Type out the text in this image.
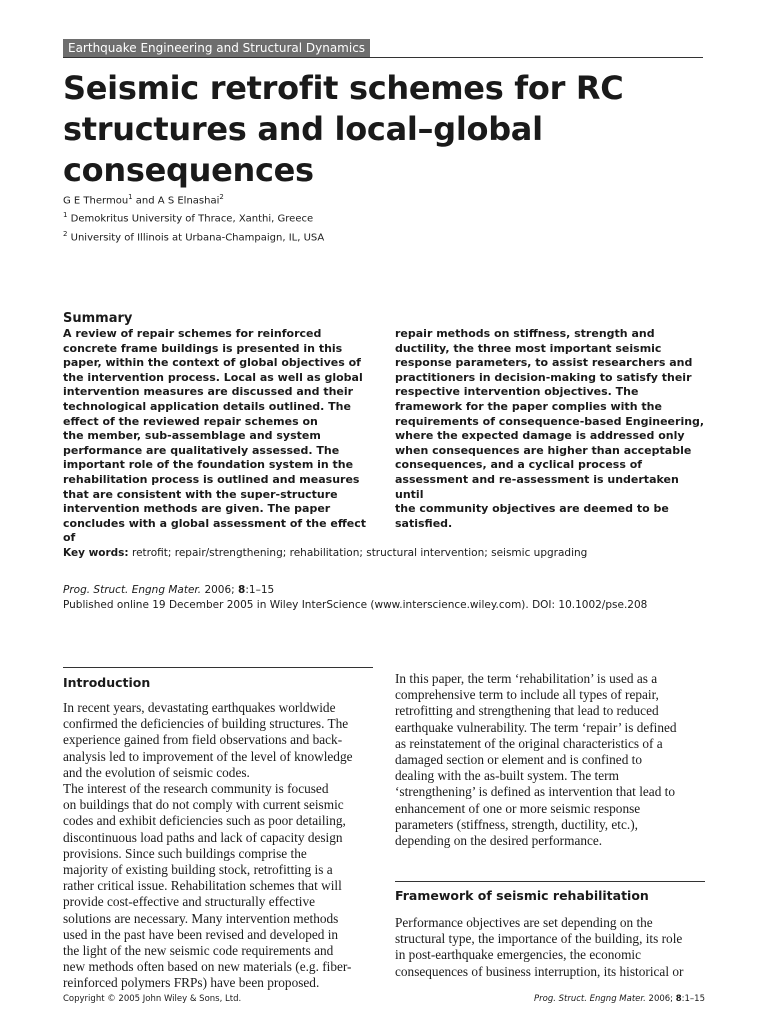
Earthquake Engineering and Structural Dynamics
Seismic retrofit schemes for RC structures and local–global consequences
G E Thermou$^1$ and A S Elnashai$^2$
$^1$ Demokritus University of Thrace, Xanthi, Greece
$^2$ University of Illinois at Urbana-Champaign, IL, USA
Summary

A review of repair schemes for reinforced
concrete frame buildings is presented in this
paper, within the context of global objectives of
the intervention process. Local as well as global
intervention measures are discussed and their
technological application details outlined. The
effect of the reviewed repair schemes on
the member, sub-assemblage and system
performance are qualitatively assessed. The
important role of the foundation system in the
rehabilitation process is outlined and measures
that are consistent with the super-structure
intervention methods are given. The paper
concludes with a global assessment of the effect of

repair methods on stiffness, strength and
ductility, the three most important seismic
response parameters, to assist researchers and
practitioners in decision-making to satisfy their
respective intervention objectives. The
framework for the paper complies with the
requirements of consequence-based Engineering,
where the expected damage is addressed only
when consequences are higher than acceptable
consequences, and a cyclical process of
assessment and re-assessment is undertaken until
the community objectives are deemed to be
satisfied.

Key words: retrofit; repair/strengthening; rehabilitation; structural intervention; seismic upgrading
Prog. Struct. Engng Mater. 2006; 8:1–15
Published online 19 December 2005 in Wiley InterScience (www.interscience.wiley.com). DOI: 10.1002/pse.208
Introduction

In recent years, devastating earthquakes worldwide
confirmed the deficiencies of building structures. The
experience gained from field observations and back-
analysis led to improvement of the level of knowledge
and the evolution of seismic codes.

The interest of the research community is focused
on buildings that do not comply with current seismic
codes and exhibit deficiencies such as poor detailing,
discontinuous load paths and lack of capacity design
provisions. Since such buildings comprise the
majority of existing building stock, retrofitting is a
rather critical issue. Rehabilitation schemes that will
provide cost-effective and structurally effective
solutions are necessary. Many intervention methods
used in the past have been revised and developed in
the light of the new seismic code requirements and
new methods often based on new materials (e.g. fiber-
reinforced polymers FRPs) have been proposed.

In this paper, the term ‘rehabilitation’ is used as a
comprehensive term to include all types of repair,
retrofitting and strengthening that lead to reduced
earthquake vulnerability. The term ‘repair’ is defined
as reinstatement of the original characteristics of a
damaged section or element and is confined to
dealing with the as-built system. The term
‘strengthening’ is defined as intervention that lead to
enhancement of one or more seismic response
parameters (stiffness, strength, ductility, etc.),
depending on the desired performance.

Framework of seismic rehabilitation

Performance objectives are set depending on the
structural type, the importance of the building, its role
in post-earthquake emergencies, the economic
consequences of business interruption, its historical or

Copyright © 2005 John Wiley & Sons, Ltd.	Prog. Struct. Engng Mater. 2006; 8:1–15
